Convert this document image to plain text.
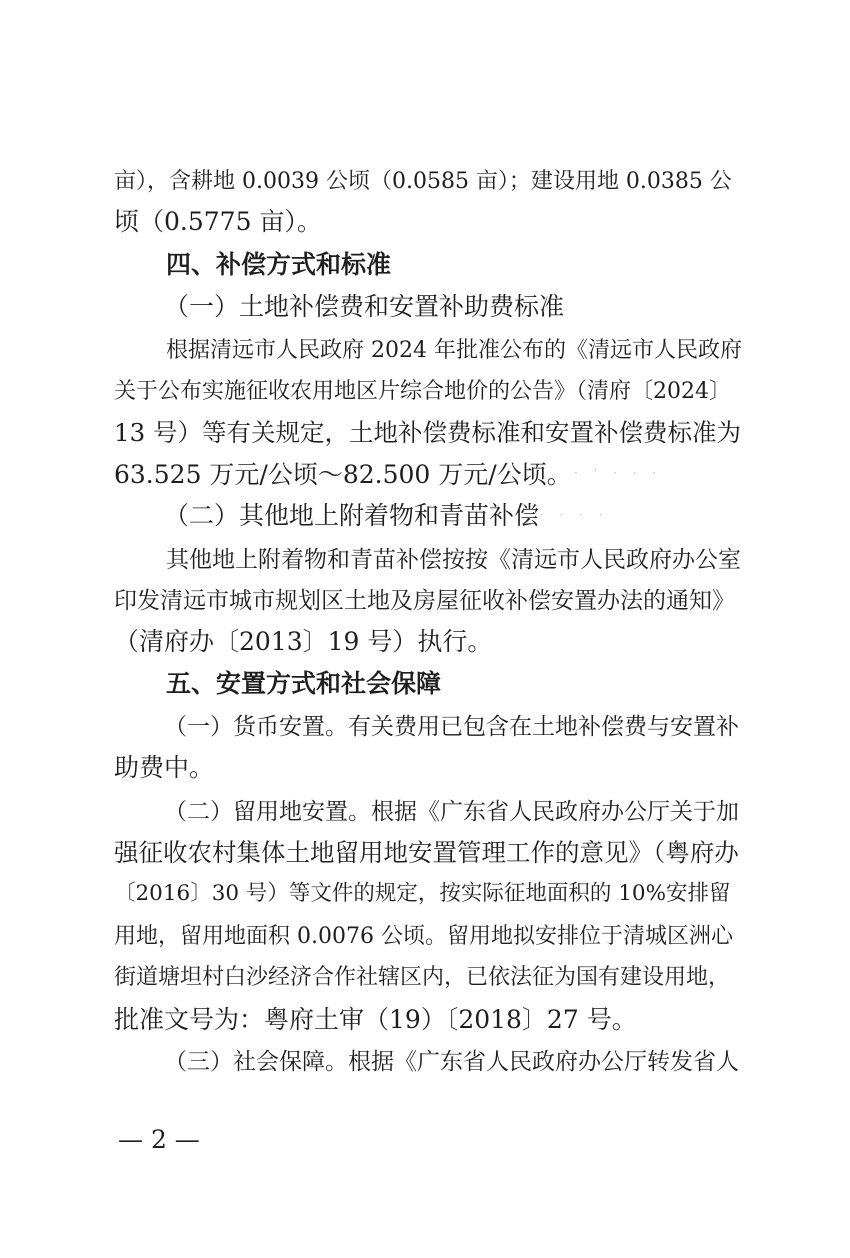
亩），含耕地 0.0039 公顷（0.0585 亩）；建设用地 0.0385 公
顷（0.5775 亩）。
四、补偿方式和标准
（一）土地补偿费和安置补助费标准
根据清远市人民政府 2024 年批准公布的《清远市人民政府
关于公布实施征收农用地区片综合地价的公告》（清府〔2024〕
13 号）等有关规定，土地补偿费标准和安置补偿费标准为
63.525 万元/公顷～82.500 万元/公顷。 · ‘ · · ·
（二）其他地上附着物和青苗补偿 · · · ·
其他地上附着物和青苗补偿按按《清远市人民政府办公室
印发清远市城市规划区土地及房屋征收补偿安置办法的通知》
（清府办〔2013〕19 号）执行。
五、安置方式和社会保障
（一）货币安置。有关费用已包含在土地补偿费与安置补
助费中。
（二）留用地安置。根据《广东省人民政府办公厅关于加
强征收农村集体土地留用地安置管理工作的意见》（粤府办
〔2016〕30 号）等文件的规定，按实际征地面积的 10%安排留
用地，留用地面积 0.0076 公顷。留用地拟安排位于清城区洲心
街道塘坦村白沙经济合作社辖区内，已依法征为国有建设用地，
批准文号为：粤府土审（19）〔2018〕27 号。
（三）社会保障。根据《广东省人民政府办公厅转发省人
— 2 —
